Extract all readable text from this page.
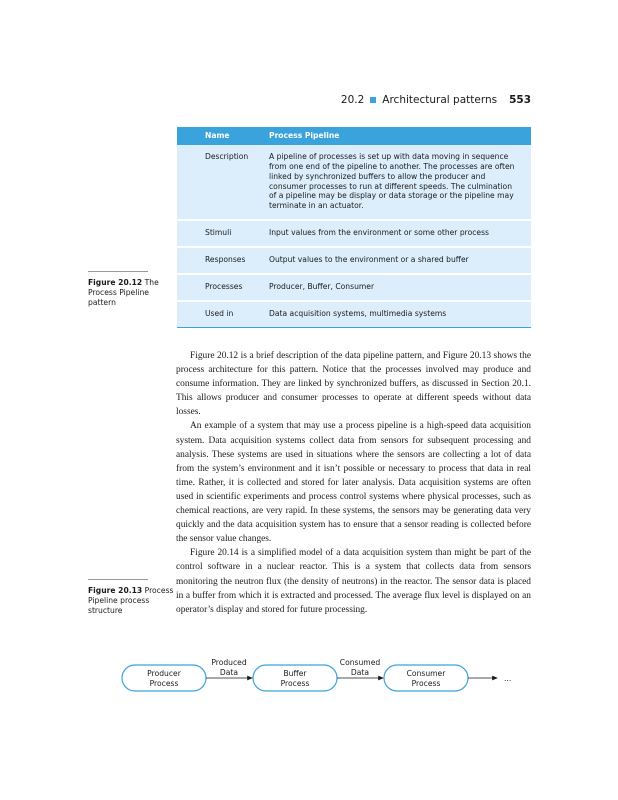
20.2 Architectural patterns 553
Name	Process Pipeline
Description	A pipeline of processes is set up with data moving in sequence from one end of the pipeline to another. The processes are often linked by synchronized buffers to allow the producer and consumer processes to run at different speeds. The culmination of a pipeline may be display or data storage or the pipeline may terminate in an actuator.
Stimuli	Input values from the environment or some other process
Responses	Output values to the environment or a shared buffer
Processes	Producer, Buffer, Consumer
Used in	Data acquisition systems, multimedia systems
Figure 20.12 The Process Pipeline pattern

Figure 20.12 is a brief description of the data pipeline pattern, and Figure 20.13 shows the process architecture for this pattern. Notice that the processes involved may produce and consume information. They are linked by synchronized buffers, as discussed in Section 20.1. This allows producer and consumer processes to operate at different speeds without data losses.

An example of a system that may use a process pipeline is a high-speed data acquisition system. Data acquisition systems collect data from sensors for subsequent processing and analysis. These systems are used in situations where the sensors are collecting a lot of data from the system’s environment and it isn’t possible or necessary to process that data in real time. Rather, it is collected and stored for later analysis. Data acquisition systems are often used in scientific experiments and process control systems where physical processes, such as chemical reactions, are very rapid. In these systems, the sensors may be generating data very quickly and the data acquisition system has to ensure that a sensor reading is collected before the sensor value changes.

Figure 20.14 is a simplified model of a data acquisition system than might be part of the control software in a nuclear reactor. This is a system that collects data from sensors monitoring the neutron flux (the density of neutrons) in the reactor. The sensor data is placed in a buffer from which it is extracted and processed. The average flux level is displayed on an operator’s display and stored for future processing.

Figure 20.13 Process Pipeline process structure
Producer
Process
Buffer
Process
Consumer
Process
Produced
Data
Consumed
Data
...
